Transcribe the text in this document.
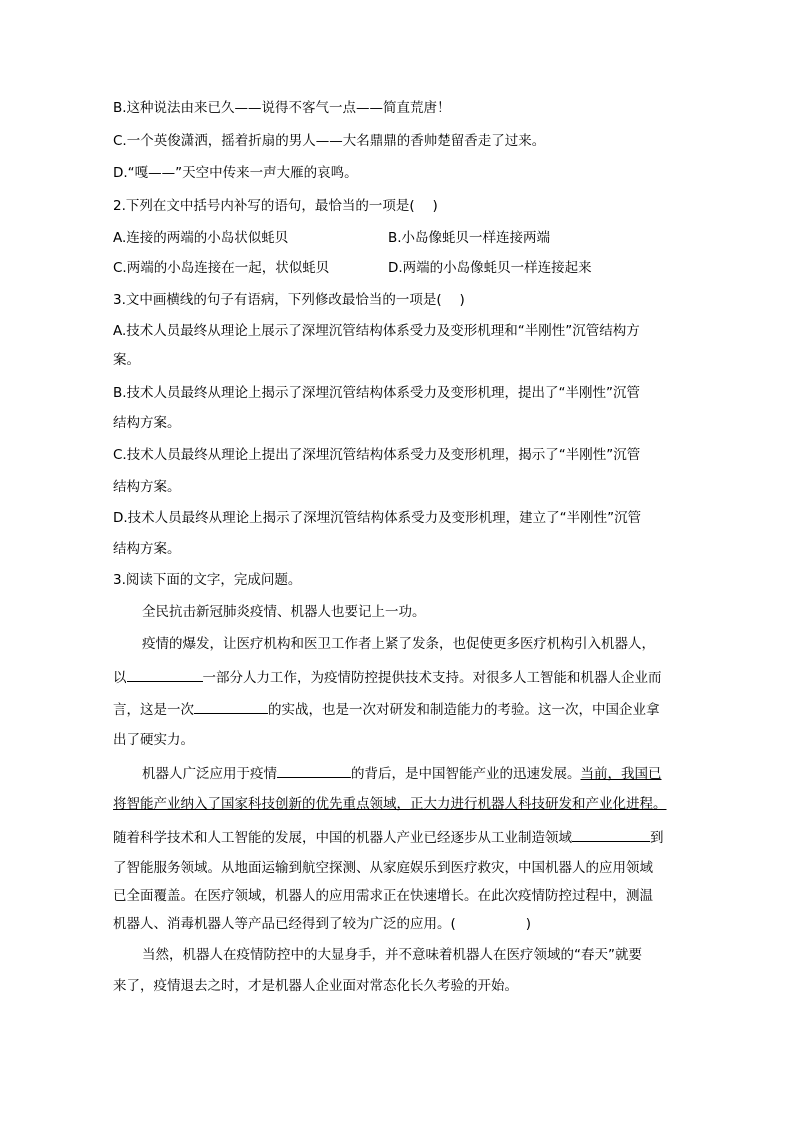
B.这种说法由来已久——说得不客气一点——简直荒唐！
C.一个英俊潇洒，摇着折扇的男人——大名鼎鼎的香帅楚留香走了过来。
D.“嘎——”天空中传来一声大雁的哀鸣。
2.下列在文中括号内补写的语句，最恰当的一项是(　 )
A.连接的两端的小岛状似蚝贝	B.小岛像蚝贝一样连接两端
C.两端的小岛连接在一起，状似蚝贝	D.两端的小岛像蚝贝一样连接起来
3.文中画横线的句子有语病，下列修改最恰当的一项是(　 )
A.技术人员最终从理论上展示了深埋沉管结构体系受力及变形机理和“半刚性”沉管结构方
案。
B.技术人员最终从理论上揭示了深埋沉管结构体系受力及变形机理，提出了“半刚性”沉管
结构方案。
C.技术人员最终从理论上提出了深埋沉管结构体系受力及变形机理，揭示了“半刚性”沉管
结构方案。
D.技术人员最终从理论上揭示了深埋沉管结构体系受力及变形机理，建立了“半刚性”沉管
结构方案。
3.阅读下面的文字，完成问题。
全民抗击新冠肺炎疫情、机器人也要记上一功。
疫情的爆发，让医疗机构和医卫工作者上紧了发条，也促使更多医疗机构引入机器人，
以	一部分人力工作，为疫情防控提供技术支持。对很多人工智能和机器人企业而
言，这是一次	的实战，也是一次对研发和制造能力的考验。这一次，中国企业拿
出了硬实力。
机器人广泛应用于疫情	的背后，是中国智能产业的迅速发展。当前，我国已
将智能产业纳入了国家科技创新的优先重点领域，正大力进行机器人科技研发和产业化进程。
随着科学技术和人工智能的发展，中国的机器人产业已经逐步从工业制造领域	到
了智能服务领域。从地面运输到航空探测、从家庭娱乐到医疗救灾，中国机器人的应用领域
已全面覆盖。在医疗领域，机器人的应用需求正在快速增长。在此次疫情防控过程中，测温
机器人、消毒机器人等产品已经得到了较为广泛的应用。(	)
当然，机器人在疫情防控中的大显身手，并不意味着机器人在医疗领域的“春天”就要
来了，疫情退去之时，才是机器人企业面对常态化长久考验的开始。
